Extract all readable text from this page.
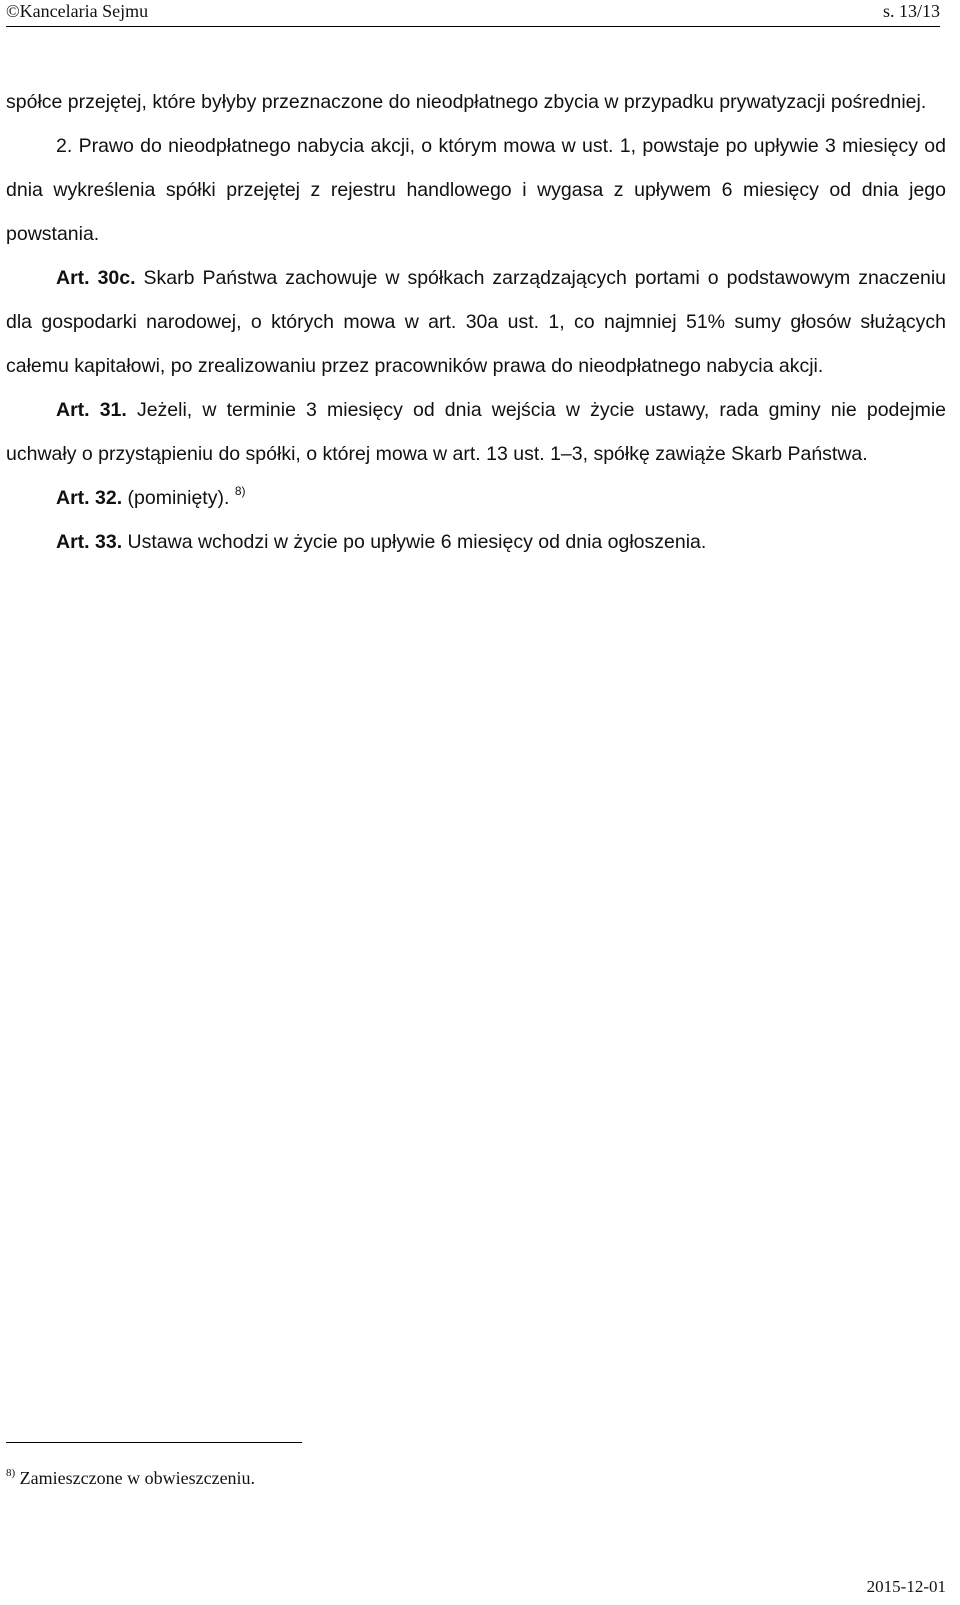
©Kancelaria Sejmu	s. 13/13

spółce przejętej, które byłyby przeznaczone do nieodpłatnego zbycia w przypadku prywatyzacji pośredniej.

2. Prawo do nieodpłatnego nabycia akcji, o którym mowa w ust. 1, powstaje po upływie 3 miesięcy od dnia wykreślenia spółki przejętej z rejestru handlowego i wygasa z upływem 6 miesięcy od dnia jego powstania.

Art. 30c. Skarb Państwa zachowuje w spółkach zarządzających portami o podstawowym znaczeniu dla gospodarki narodowej, o których mowa w art. 30a ust. 1, co najmniej 51% sumy głosów służących całemu kapitałowi, po zrealizowaniu przez pracowników prawa do nieodpłatnego nabycia akcji.

Art. 31. Jeżeli, w terminie 3 miesięcy od dnia wejścia w życie ustawy, rada gminy nie podejmie uchwały o przystąpieniu do spółki, o której mowa w art. 13 ust. 1–3, spółkę zawiąże Skarb Państwa.

Art. 32. (pominięty). $^{8)}$

Art. 33. Ustawa wchodzi w życie po upływie 6 miesięcy od dnia ogłoszenia.

$^{8)}$ Zamieszczone w obwieszczeniu.
2015-12-01
